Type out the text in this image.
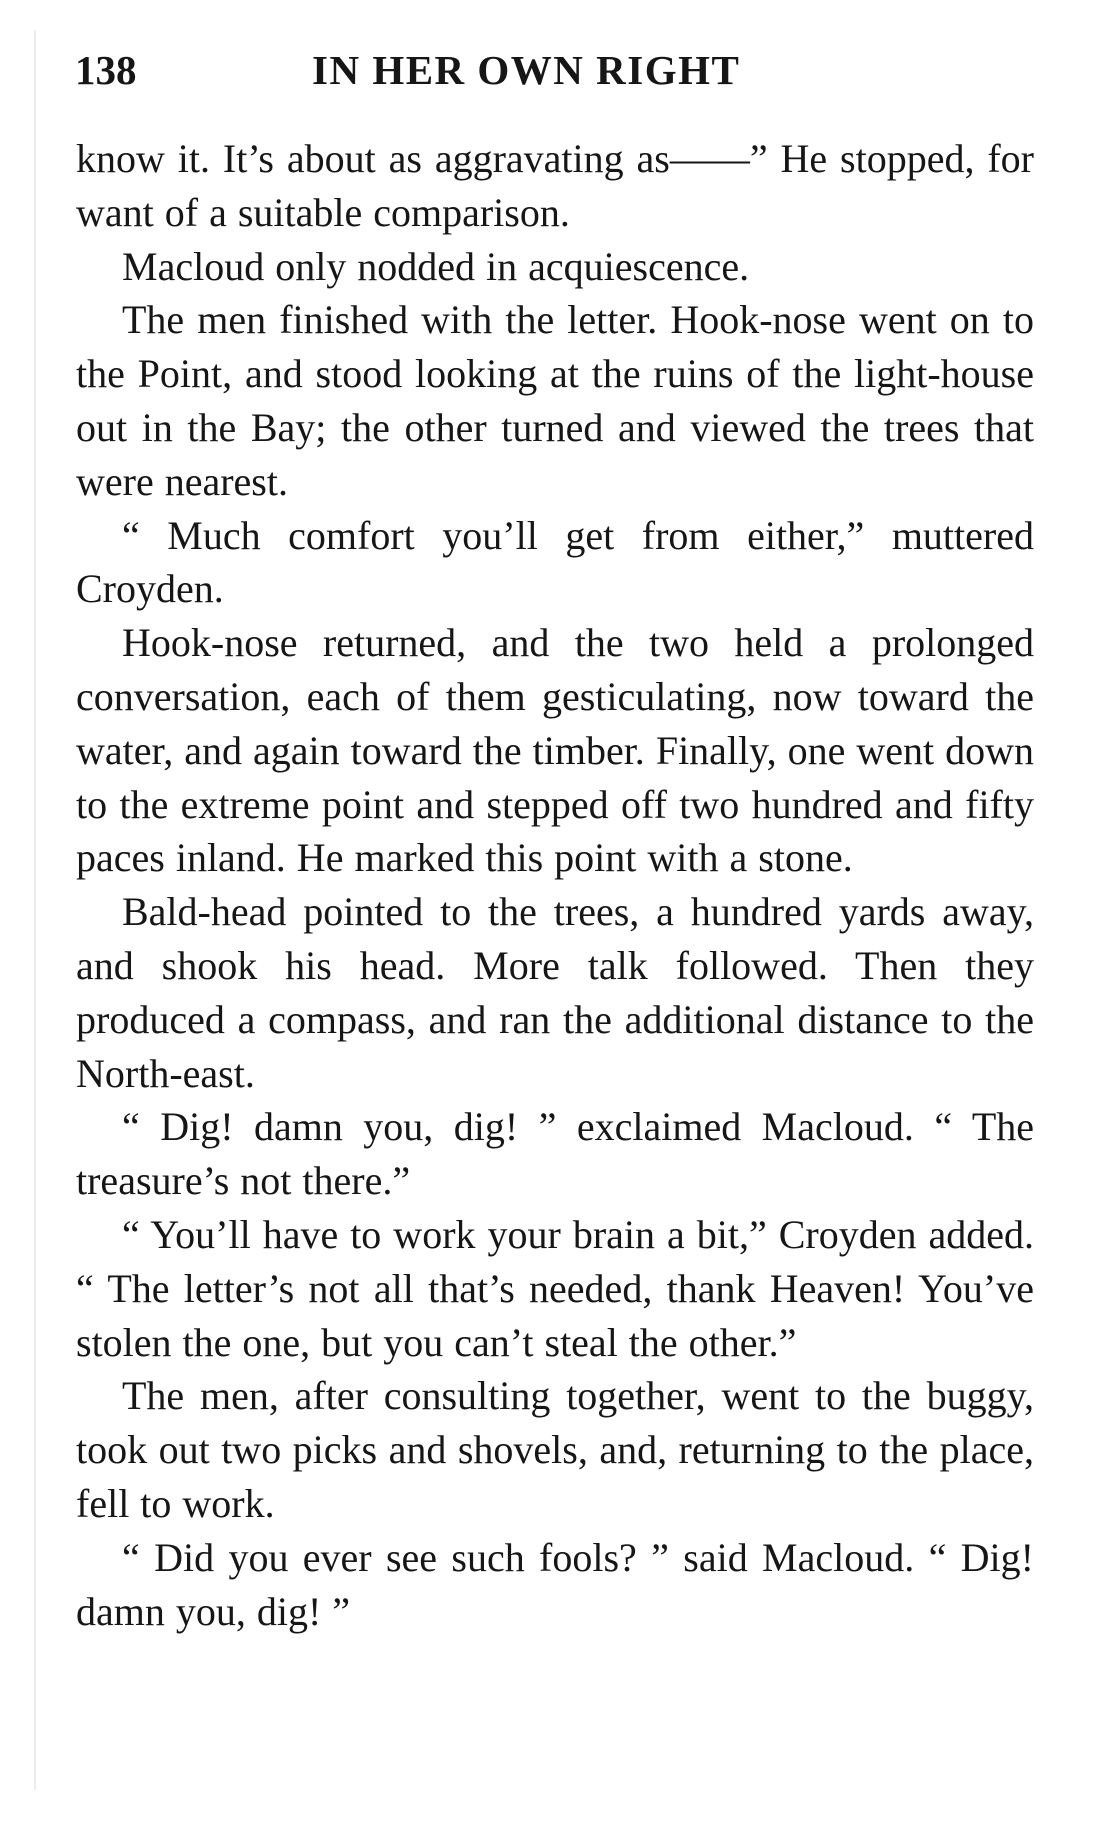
138	IN HER OWN RIGHT

know it. It’s about as aggravating as——” He stopped, for want of a suitable comparison.

Macloud only nodded in acquiescence.

The men finished with the letter. Hook-nose went on to the Point, and stood looking at the ruins of the light-house out in the Bay; the other turned and viewed the trees that were nearest.

“ Much comfort you’ll get from either,” muttered Croyden.

Hook-nose returned, and the two held a prolonged conversation, each of them gesticulating, now toward the water, and again toward the timber. Finally, one went down to the extreme point and stepped off two hundred and fifty paces inland. He marked this point with a stone.

Bald-head pointed to the trees, a hundred yards away, and shook his head. More talk followed. Then they produced a compass, and ran the additional distance to the North-east.

“ Dig! damn you, dig! ” exclaimed Macloud. “ The treasure’s not there.”

“ You’ll have to work your brain a bit,” Croyden added. “ The letter’s not all that’s needed, thank Heaven! You’ve stolen the one, but you can’t steal the other.”

The men, after consulting together, went to the buggy, took out two picks and shovels, and, returning to the place, fell to work.

“ Did you ever see such fools? ” said Macloud. “ Dig! damn you, dig! ”
